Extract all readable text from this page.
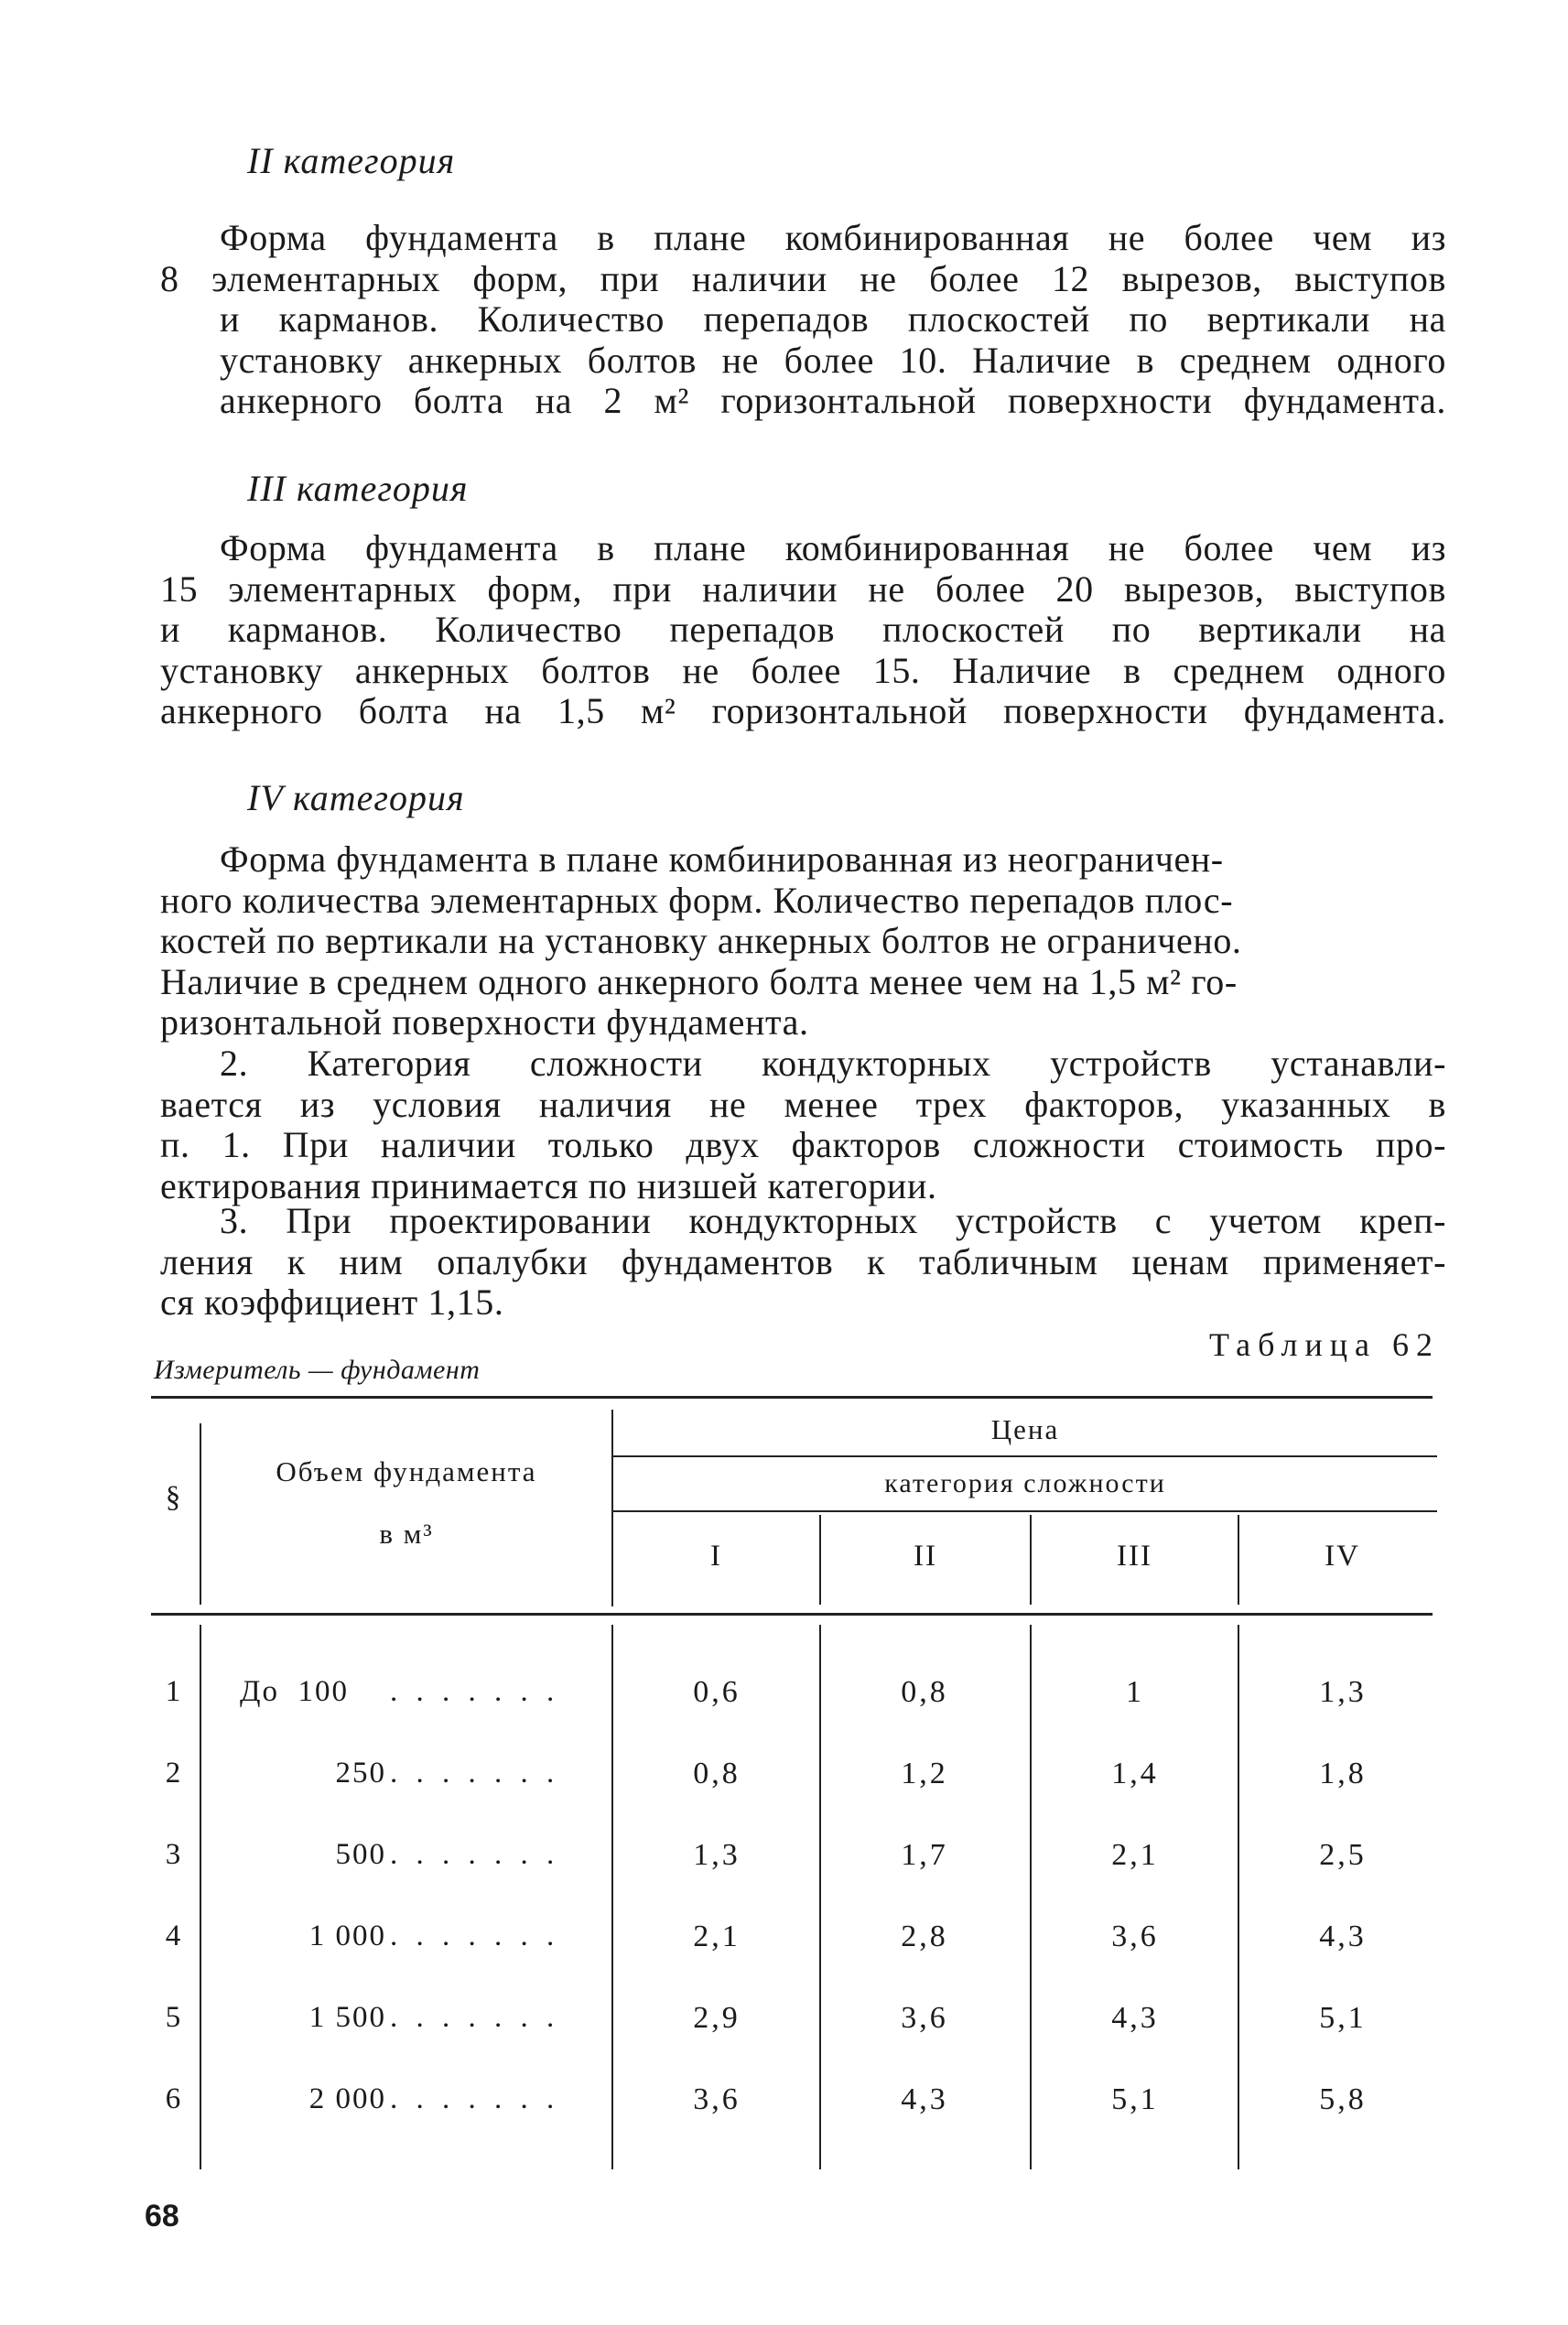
II категория
Форма фундамента в плане комбинированная не более чем из
8 элементарных форм, при наличии не более 12 вырезов, выступов
и карманов. Количество перепадов плоскостей по вертикали на
установку анкерных болтов не более 10. Наличие в среднем одного
анкерного болта на 2 м² горизонтальной поверхности фундамента.
III категория
Форма фундамента в плане комбинированная не более чем из
15 элементарных форм, при наличии не более 20 вырезов, выступов
и карманов. Количество перепадов плоскостей по вертикали на
установку анкерных болтов не более 15. Наличие в среднем одного
анкерного болта на 1,5 м² горизонтальной поверхности фундамента.
IV категория
Форма фундамента в плане комбинированная из неограничен-
ного количества элементарных форм. Количество перепадов плос-
костей по вертикали на установку анкерных болтов не ограничено.
Наличие в среднем одного анкерного болта менее чем на 1,5 м² го-
ризонтальной поверхности фундамента.
2. Категория сложности кондукторных устройств устанавли-
вается из условия наличия не менее трех факторов, указанных в
п. 1. При наличии только двух факторов сложности стоимость про-
ектирования принимается по низшей категории.
3. При проектировании кондукторных устройств с учетом креп-
ления к ним опалубки фундаментов к табличным ценам применяет-
ся коэффициент 1,15.
Таблица 62
Измеритель — фундамент
§
Объем фундамента
в м³
Цена
категория сложности
I	II	III	IV
1	До  100	. . . . . . .	0,6	0,8	1	1,3
2	250 . . . . . . .	0,8	1,2	1,4	1,8
3	500 . . . . . . .	1,3	1,7	2,1	2,5
4	1 000 . . . . . . .	2,1	2,8	3,6	4,3
5	1 500 . . . . . . .	2,9	3,6	4,3	5,1
6	2 000 . . . . . . .	3,6	4,3	5,1	5,8
68
